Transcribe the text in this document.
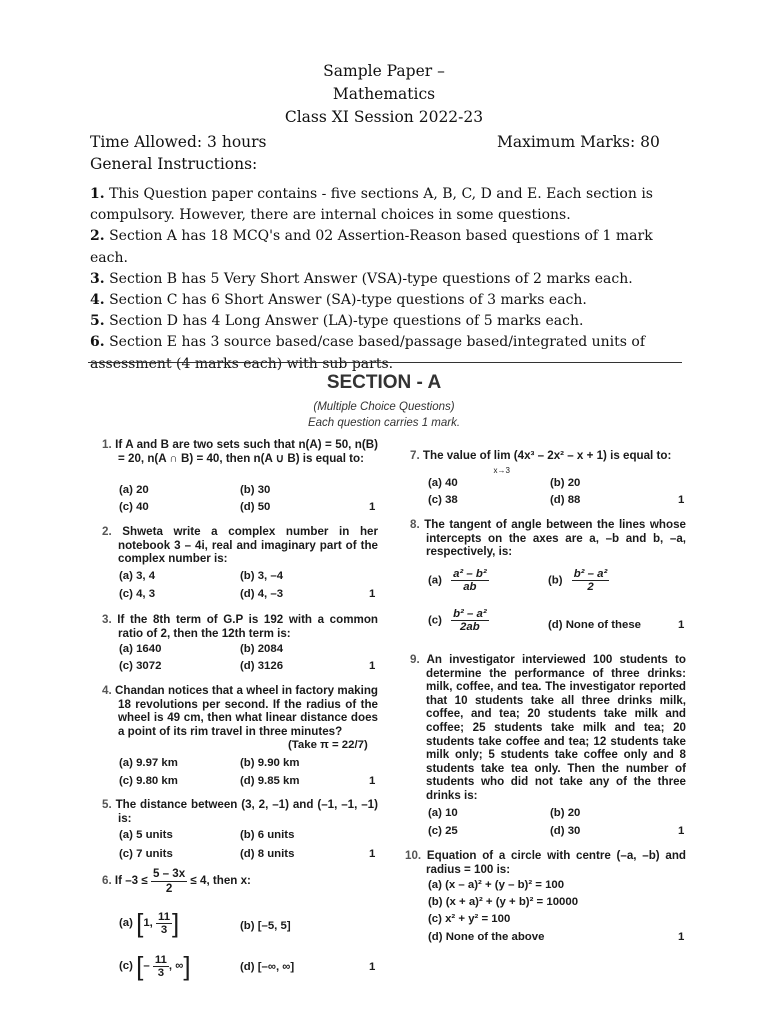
Sample Paper –
Mathematics
Class XI Session 2022-23
Time Allowed: 3 hours	Maximum Marks: 80
General Instructions:
1. This Question paper contains - five sections A, B, C, D and E. Each section is compulsory. However, there are internal choices in some questions.
2. Section A has 18 MCQ's and 02 Assertion-Reason based questions of 1 mark each.
3. Section B has 5 Very Short Answer (VSA)-type questions of 2 marks each.
4. Section C has 6 Short Answer (SA)-type questions of 3 marks each.
5. Section D has 4 Long Answer (LA)-type questions of 5 marks each.
6. Section E has 3 source based/case based/passage based/integrated units of assessment (4 marks each) with sub parts.
SECTION - A
(Multiple Choice Questions)
Each question carries 1 mark.
1. If A and B are two sets such that n(A) = 50, n(B) = 20, n(A ∩ B) = 40, then n(A ∪ B) is equal to:
(a) 20	(b) 30
(c) 40	(d) 50	1
2. Shweta write a complex number in her notebook 3 – 4i, real and imaginary part of the complex number is:
(a) 3, 4	(b) 3, –4
(c) 4, 3	(d) 4, –3	1
3. If the 8th term of G.P is 192 with a common ratio of 2, then the 12th term is:
(a) 1640	(b) 2084
(c) 3072	(d) 3126	1
4. Chandan notices that a wheel in factory making 18 revolutions per second. If the radius of the wheel is 49 cm, then what linear distance does a point of its rim travel in three minutes?
(Take π = 22/7)
(a) 9.97 km	(b) 9.90 km
(c) 9.80 km	(d) 9.85 km	1
5. The distance between (3, 2, –1) and (–1, –1, –1) is:
(a) 5 units	(b) 6 units
(c) 7 units	(d) 8 units	1
6. If $-3 \le \frac{5 - 3x}{2} \le 4$, then x:
(a) [1, $\frac{11}{3}$ ]	(b) [–5, 5]
(c) [– $\frac{11}{3}$ , ∞]	(d) [–∞, ∞]	1
7. The value of lim
x→3 (4x³ – 2x² – x + 1) is equal to:
(a) 40	(b) 20
(c) 38	(d) 88	1
8. The tangent of angle between the lines whose intercepts on the axes are a, –b and b, –a, respectively, is:
$(a) \frac{\text{a² – b²}}{ab}$	$(b) \frac{\text{b² – a²}}{2}$
$(c) \frac{\text{b² – a²}}{2ab}$	(d) None of these	1
9. An investigator interviewed 100 students to determine the performance of three drinks: milk, coffee, and tea. The investigator reported that 10 students take all three drinks milk, coffee, and tea; 20 students take milk and coffee; 25 students take milk and tea; 20 students take coffee and tea; 12 students take milk only; 5 students take coffee only and 8 students take tea only. Then the number of students who did not take any of the three drinks is:
(a) 10	(b) 20
(c) 25	(d) 30	1
10. Equation of a circle with centre (–a, –b) and radius = 100 is:
(a) (x – a)² + (y – b)² = 100
(b) (x + a)² + (y + b)² = 10000
(c) x² + y² = 100
(d) None of the above	1
